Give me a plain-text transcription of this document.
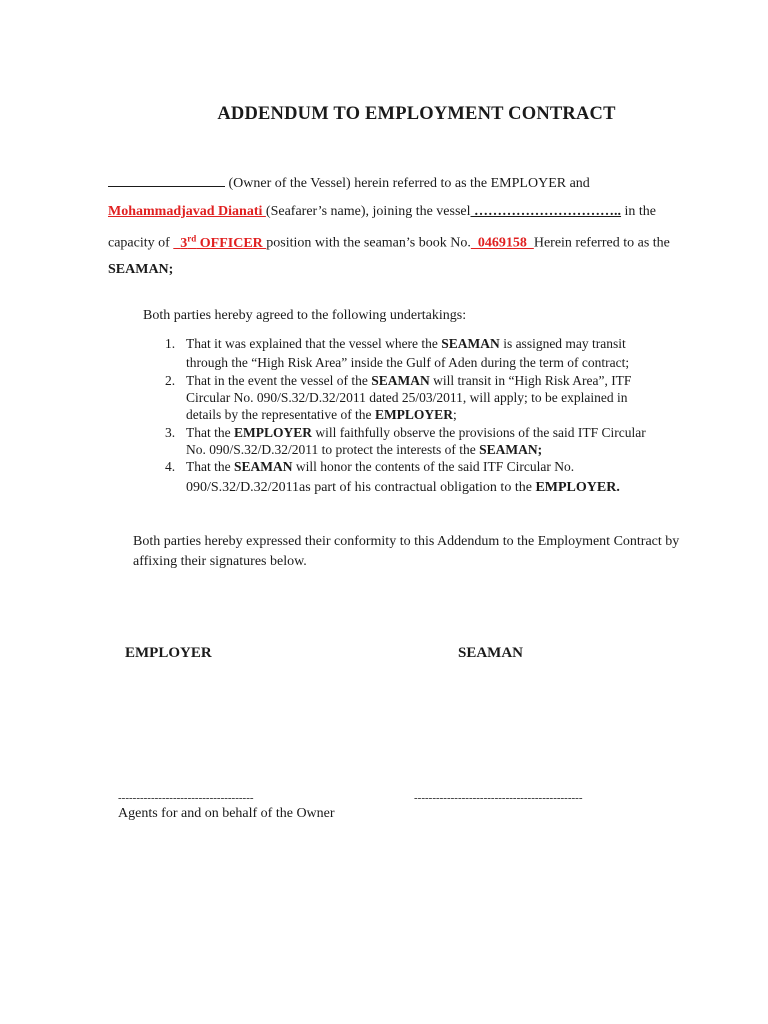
ADDENDUM TO EMPLOYMENT CONTRACT
(Owner of the Vessel) herein referred to as the EMPLOYER and
Mohammadjavad Dianati (Seafarer’s name), joining the vessel ………………………….. in the
capacity of   3rd OFFICER position with the seaman’s book No.  0469158  Herein referred to as the
SEAMAN;
Both parties hereby agreed to the following undertakings:
1. That it was explained that the vessel where the SEAMAN is assigned may transit
through the “High Risk Area” inside the Gulf of Aden during the term of contract;
2. That in the event the vessel of the SEAMAN will transit in “High Risk Area”, ITF
Circular No. 090/S.32/D.32/2011 dated 25/03/2011, will apply; to be explained in
details by the representative of the EMPLOYER;
3. That the EMPLOYER will faithfully observe the provisions of the said ITF Circular
No. 090/S.32/D.32/2011 to protect the interests of the SEAMAN;
4. That the SEAMAN will honor the contents of the said ITF Circular No.
090/S.32/D.32/2011as part of his contractual obligation to the EMPLOYER.
Both parties hereby expressed their conformity to this Addendum to the Employment Contract by
affixing their signatures below.
EMPLOYER	SEAMAN
-------------------------------------	----------------------------------------------
Agents for and on behalf of the Owner
